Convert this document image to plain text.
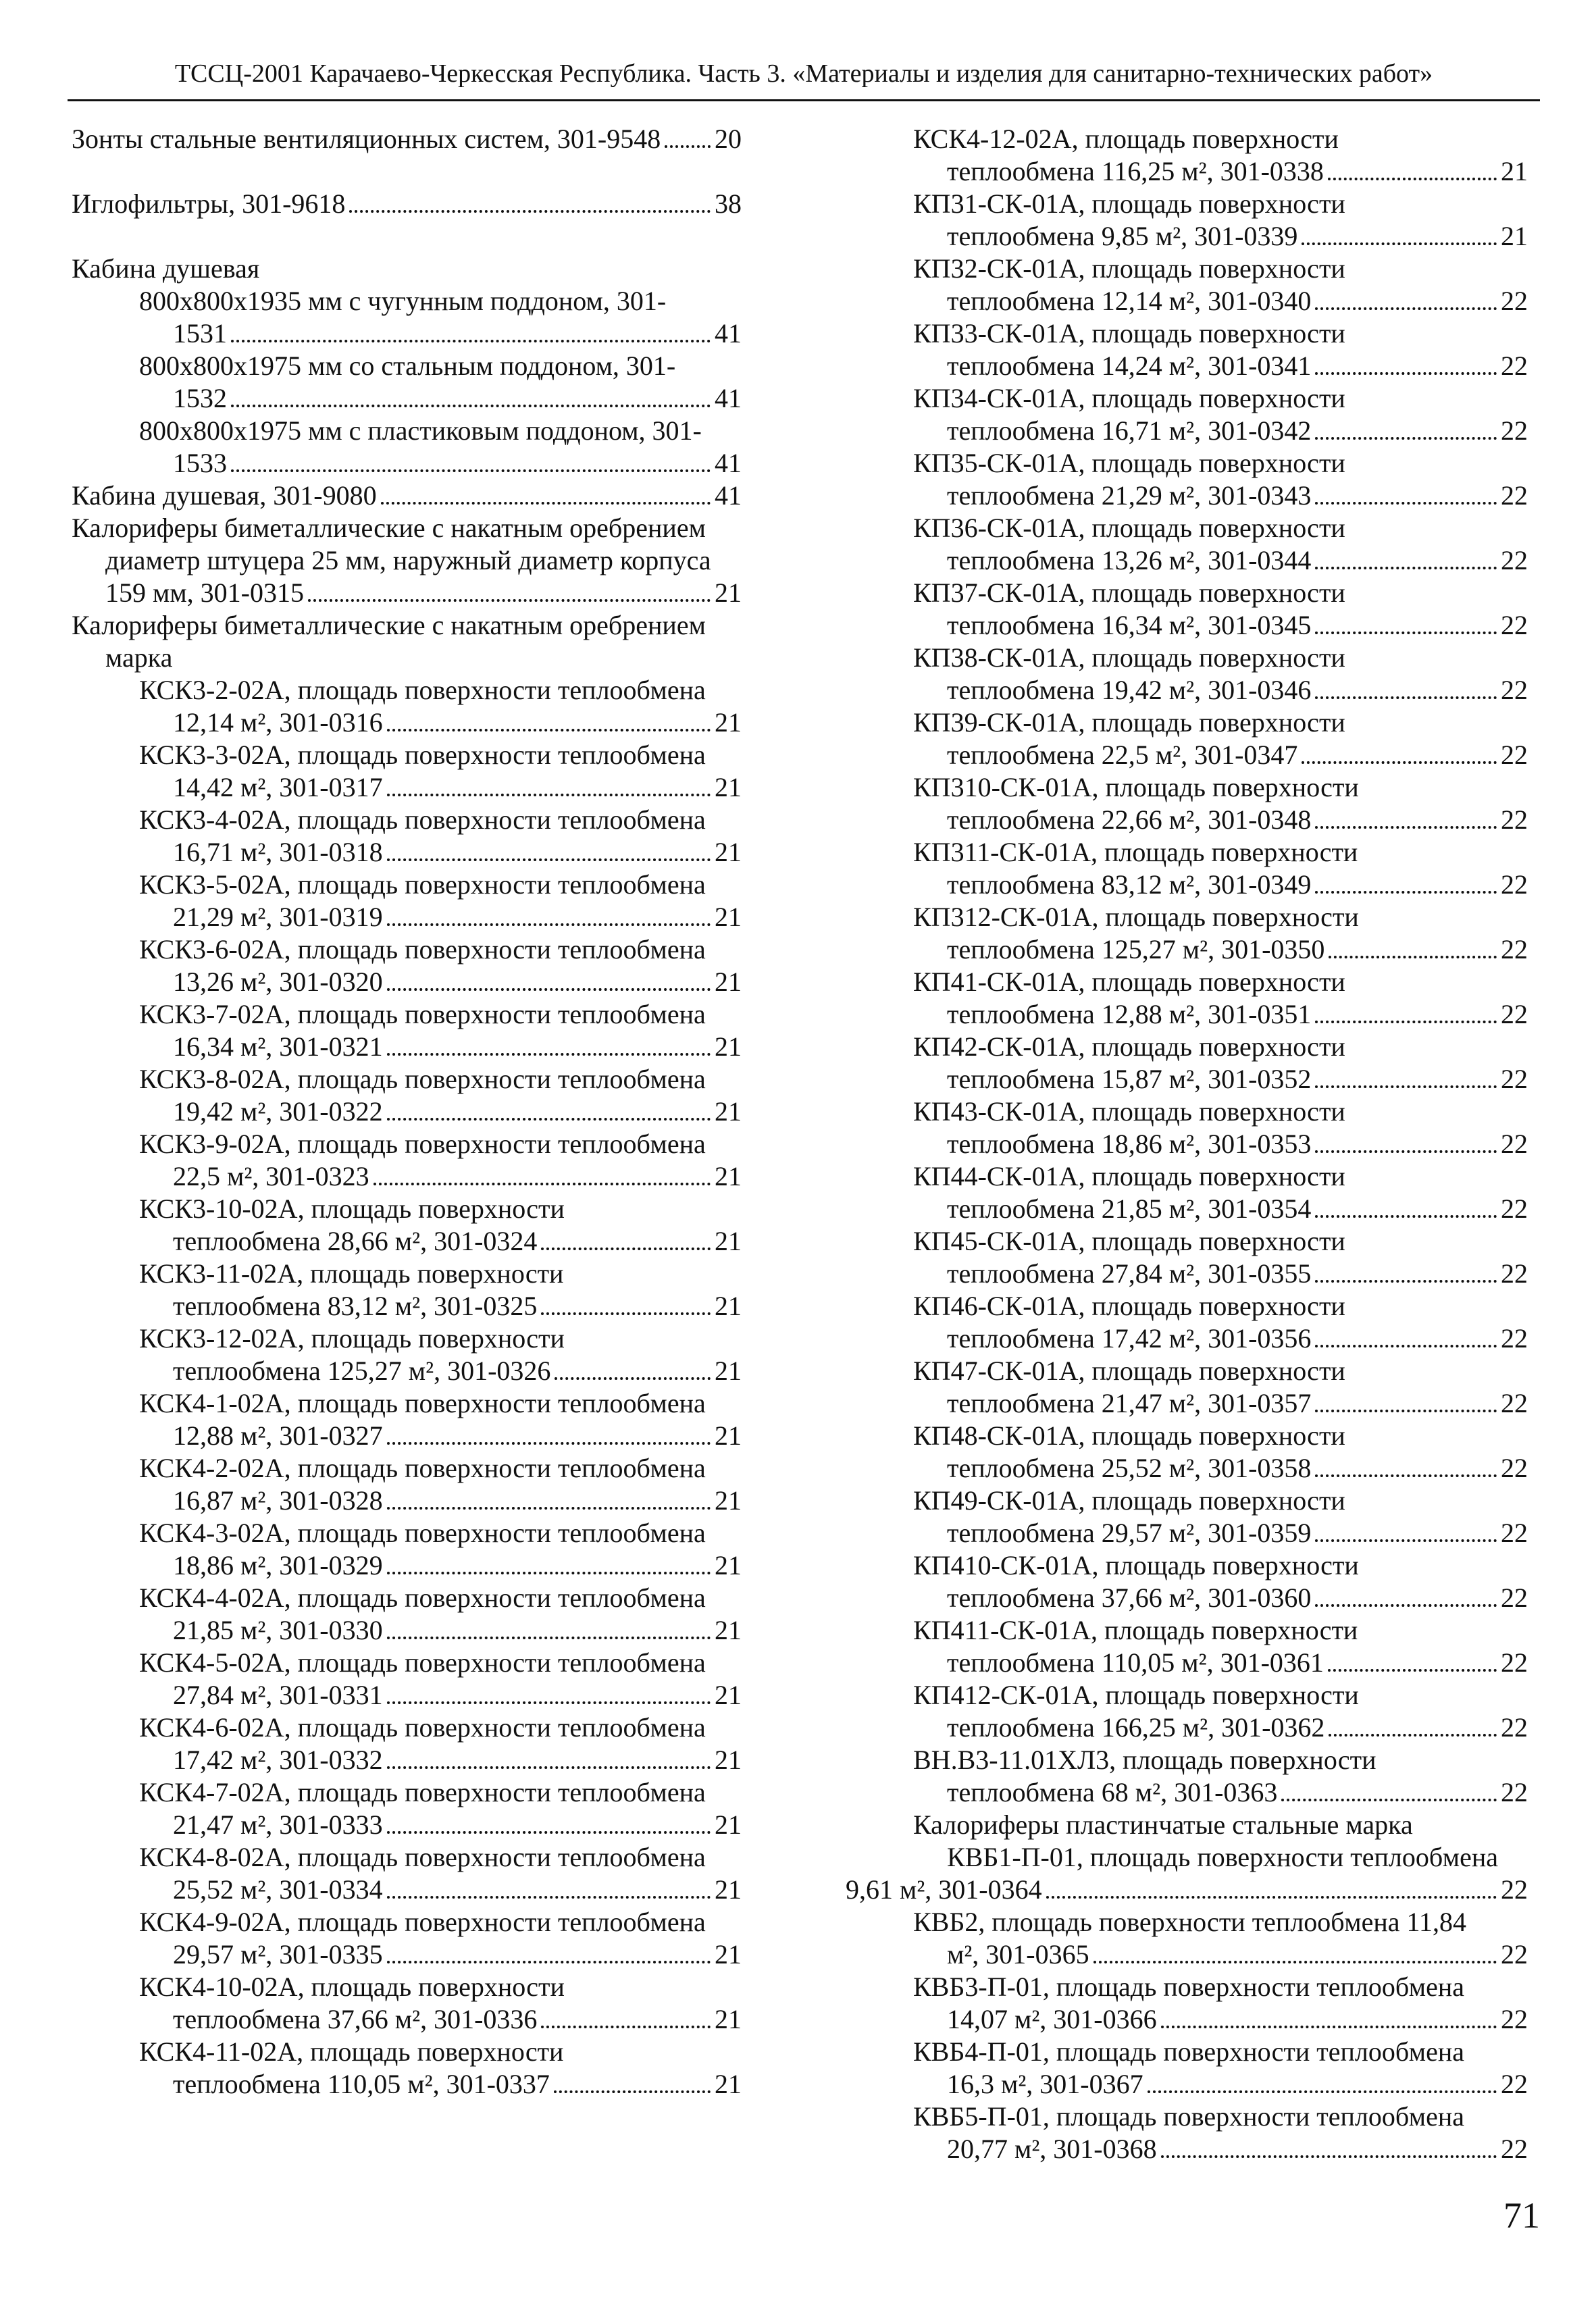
ТССЦ-2001 Карачаево-Черкесская Республика. Часть 3. «Материалы и изделия для санитарно-технических работ»
Зонты стальные вентиляционных систем, 301-9548 20
Иглофильтры, 301-9618	38
Кабина душевая
800x800x1935 мм с чугунным поддоном, 301-
1531	41
800x800x1975 мм со стальным поддоном, 301-
1532	41
800x800x1975 мм с пластиковым поддоном, 301-
1533	41
Кабина душевая, 301-9080	41
Калориферы биметаллические с накатным оребрением
диаметр штуцера 25 мм, наружный диаметр корпуса
159 мм, 301-0315	21
Калориферы биметаллические с накатным оребрением
марка
КСК3-2-02А, площадь поверхности теплообмена
12,14 м², 301-0316	21
КСК3-3-02А, площадь поверхности теплообмена
14,42 м², 301-0317	21
КСК3-4-02А, площадь поверхности теплообмена
16,71 м², 301-0318	21
КСК3-5-02А, площадь поверхности теплообмена
21,29 м², 301-0319	21
КСК3-6-02А, площадь поверхности теплообмена
13,26 м², 301-0320	21
КСК3-7-02А, площадь поверхности теплообмена
16,34 м², 301-0321	21
КСК3-8-02А, площадь поверхности теплообмена
19,42 м², 301-0322	21
КСК3-9-02А, площадь поверхности теплообмена
22,5 м², 301-0323	21
КСК3-10-02А, площадь поверхности
теплообмена 28,66 м², 301-0324	21
КСК3-11-02А, площадь поверхности
теплообмена 83,12 м², 301-0325	21
КСК3-12-02А, площадь поверхности
теплообмена 125,27 м², 301-0326	21
КСК4-1-02А, площадь поверхности теплообмена
12,88 м², 301-0327	21
КСК4-2-02А, площадь поверхности теплообмена
16,87 м², 301-0328	21
КСК4-3-02А, площадь поверхности теплообмена
18,86 м², 301-0329	21
КСК4-4-02А, площадь поверхности теплообмена
21,85 м², 301-0330	21
КСК4-5-02А, площадь поверхности теплообмена
27,84 м², 301-0331	21
КСК4-6-02А, площадь поверхности теплообмена
17,42 м², 301-0332	21
КСК4-7-02А, площадь поверхности теплообмена
21,47 м², 301-0333	21
КСК4-8-02А, площадь поверхности теплообмена
25,52 м², 301-0334	21
КСК4-9-02А, площадь поверхности теплообмена
29,57 м², 301-0335	21
КСК4-10-02А, площадь поверхности
теплообмена 37,66 м², 301-0336	21
КСК4-11-02А, площадь поверхности
теплообмена 110,05 м², 301-0337	21
КСК4-12-02А, площадь поверхности
теплообмена 116,25 м², 301-0338	21
КП31-СК-01А, площадь поверхности
теплообмена 9,85 м², 301-0339	21
КП32-СК-01А, площадь поверхности
теплообмена 12,14 м², 301-0340	22
КП33-СК-01А, площадь поверхности
теплообмена 14,24 м², 301-0341	22
КП34-СК-01А, площадь поверхности
теплообмена 16,71 м², 301-0342	22
КП35-СК-01А, площадь поверхности
теплообмена 21,29 м², 301-0343	22
КП36-СК-01А, площадь поверхности
теплообмена 13,26 м², 301-0344	22
КП37-СК-01А, площадь поверхности
теплообмена 16,34 м², 301-0345	22
КП38-СК-01А, площадь поверхности
теплообмена 19,42 м², 301-0346	22
КП39-СК-01А, площадь поверхности
теплообмена 22,5 м², 301-0347	22
КП310-СК-01А, площадь поверхности
теплообмена 22,66 м², 301-0348	22
КП311-СК-01А, площадь поверхности
теплообмена 83,12 м², 301-0349	22
КП312-СК-01А, площадь поверхности
теплообмена 125,27 м², 301-0350	22
КП41-СК-01А, площадь поверхности
теплообмена 12,88 м², 301-0351	22
КП42-СК-01А, площадь поверхности
теплообмена 15,87 м², 301-0352	22
КП43-СК-01А, площадь поверхности
теплообмена 18,86 м², 301-0353	22
КП44-СК-01А, площадь поверхности
теплообмена 21,85 м², 301-0354	22
КП45-СК-01А, площадь поверхности
теплообмена 27,84 м², 301-0355	22
КП46-СК-01А, площадь поверхности
теплообмена 17,42 м², 301-0356	22
КП47-СК-01А, площадь поверхности
теплообмена 21,47 м², 301-0357	22
КП48-СК-01А, площадь поверхности
теплообмена 25,52 м², 301-0358	22
КП49-СК-01А, площадь поверхности
теплообмена 29,57 м², 301-0359	22
КП410-СК-01А, площадь поверхности
теплообмена 37,66 м², 301-0360	22
КП411-СК-01А, площадь поверхности
теплообмена 110,05 м², 301-0361	22
КП412-СК-01А, площадь поверхности
теплообмена 166,25 м², 301-0362	22
ВН.В3-11.01ХЛ3, площадь поверхности
теплообмена 68 м², 301-0363	22
Калориферы пластинчатые стальные марка
КВБ1-П-01, площадь поверхности теплообмена
9,61 м², 301-0364	22
КВБ2, площадь поверхности теплообмена 11,84
м², 301-0365	22
КВБ3-П-01, площадь поверхности теплообмена
14,07 м², 301-0366	22
КВБ4-П-01, площадь поверхности теплообмена
16,3 м², 301-0367	22
КВБ5-П-01, площадь поверхности теплообмена
20,77 м², 301-0368	22
71
